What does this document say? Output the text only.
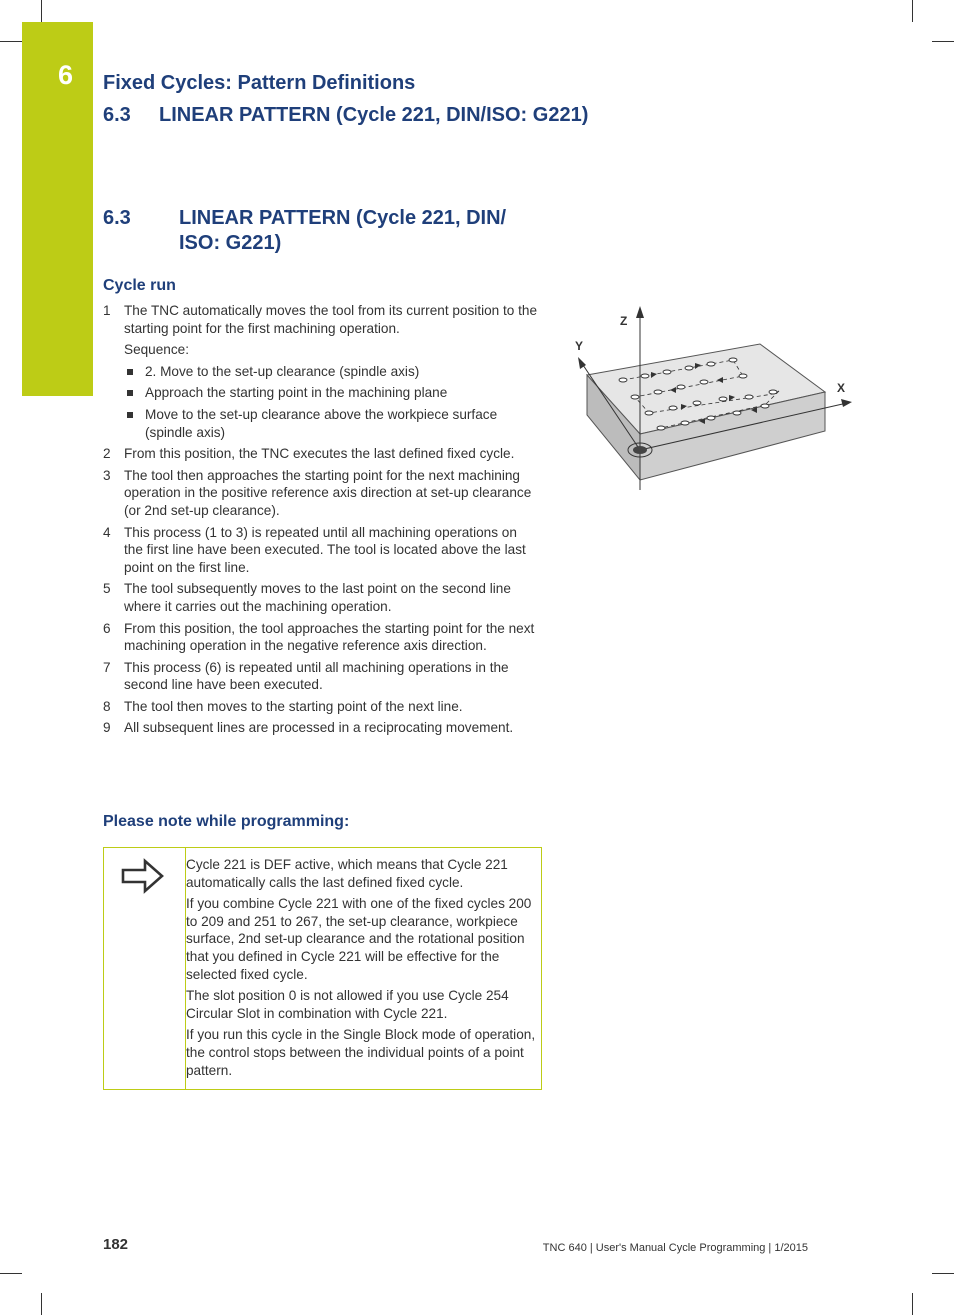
6 Fixed Cycles: Pattern Definitions
6.3 LINEAR PATTERN (Cycle 221, DIN/ISO: G221)
6.3 LINEAR PATTERN (Cycle 221, DIN/
ISO: G221)
Cycle run
1 The TNC automatically moves the tool from its current position to the starting point for the first machining operation.
Sequence:
2. Move to the set-up clearance (spindle axis)
Approach the starting point in the machining plane
Move to the set-up clearance above the workpiece surface (spindle axis)
2 From this position, the TNC executes the last defined fixed cycle.
3 The tool then approaches the starting point for the next machining operation in the positive reference axis direction at set-up clearance (or 2nd set-up clearance).
4 This process (1 to 3) is repeated until all machining operations on the first line have been executed. The tool is located above the last point on the first line.
5 The tool subsequently moves to the last point on the second line where it carries out the machining operation.
6 From this position, the tool approaches the starting point for the next machining operation in the negative reference axis direction.
7 This process (6) is repeated until all machining operations in the second line have been executed.
8 The tool then moves to the starting point of the next line.
9 All subsequent lines are processed in a reciprocating movement.
Please note while programming:

Cycle 221 is DEF active, which means that Cycle 221 automatically calls the last defined fixed cycle.

If you combine Cycle 221 with one of the fixed cycles 200 to 209 and 251 to 267, the set-up clearance, workpiece surface, 2nd set-up clearance and the rotational position that you defined in Cycle 221 will be effective for the selected fixed cycle.

The slot position 0 is not allowed if you use Cycle 254 Circular Slot in combination with Cycle 221.

If you run this cycle in the Single Block mode of operation, the control stops between the individual points of a point pattern.

Z
Y
X
182	TNC 640 | User's Manual Cycle Programming | 1/2015
